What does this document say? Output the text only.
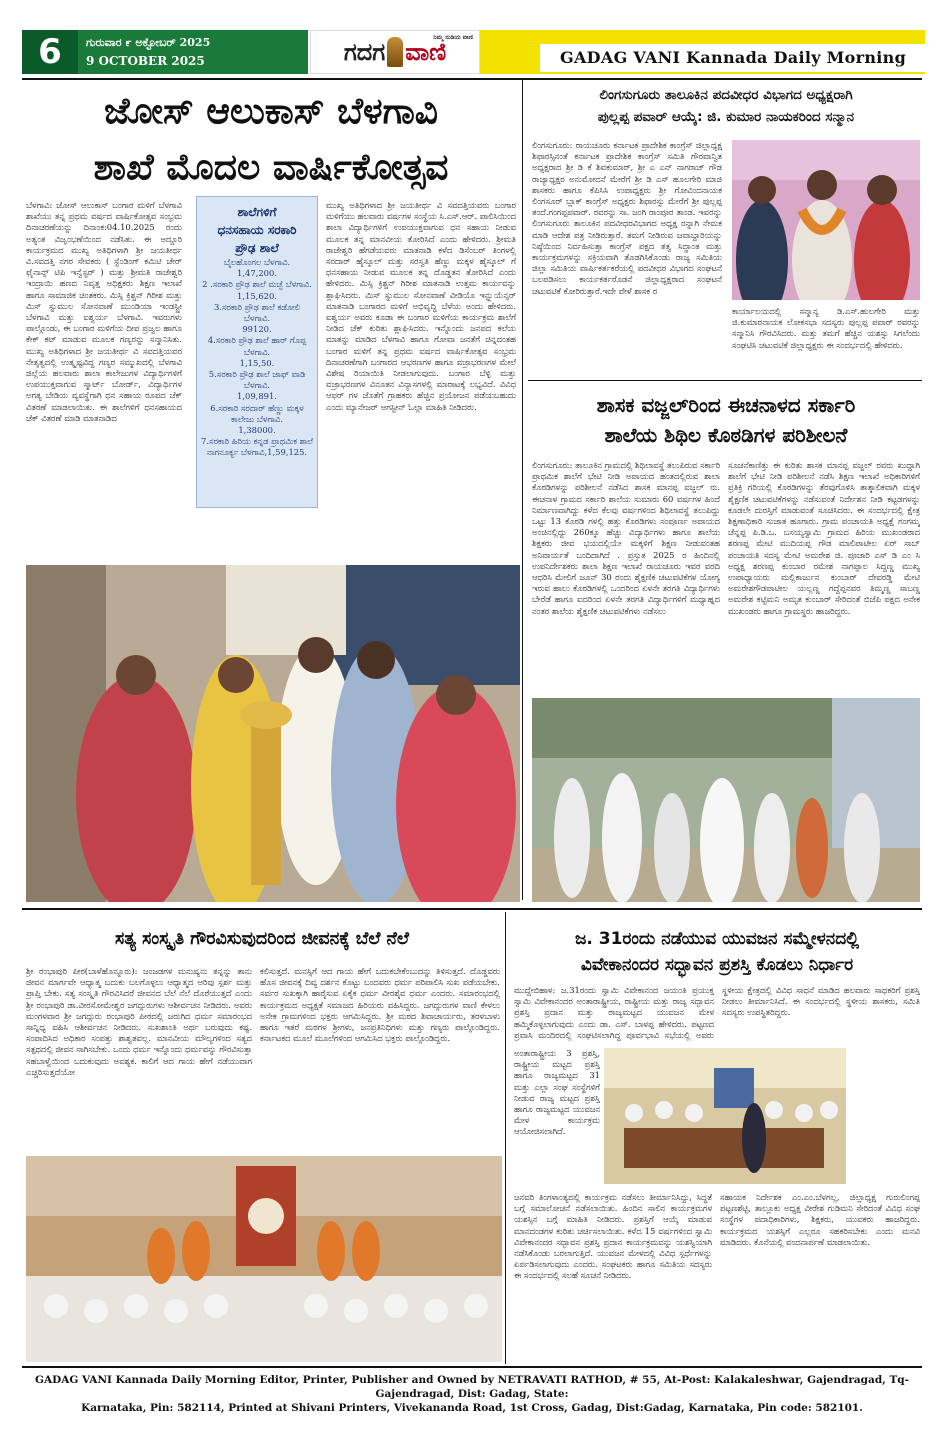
6	ಗುರುವಾರ ೯ ಅಕ್ಟೋಬರ್ 2025
9 OCTOBER 2025	ಗದಗ ವಾಣಿ
ನಿಮ್ಮ ನುಡಿಯ ವಾಣಿ
GADAG VANI Kannada Daily Morning
ಜೋಸ್ ಆಲುಕಾಸ್ ಬೆಳಗಾವಿ
ಶಾಖೆ ಮೊದಲ ವಾರ್ಷಿಕೋತ್ಸವ
ಬೆಳಗಾವಿ: ಜೋಸ್ ಆಲುಕಾಸ್ ಬಂಗಾರ ಮಳಿಗೆ ಬೆಳಗಾವಿ ಶಾಖೆಯು ತನ್ನ ಪ್ರಥಮ ವರ್ಷದ ವಾರ್ಷಿಕೋತ್ಸವ ಸಂಭ್ರಮ ದಿನಾಚರಣೆಯನ್ನು ದಿನಾಂಕ:04.10.2025 ರಂದು ಅತ್ಯಂತ ವಿಜೃಂಭಣೆಯಿಂದ ನಡೆಸಿತು. ಈ ಅದ್ದೂರಿ ಕಾರ್ಯಕ್ರಮದ ಮುಖ್ಯ ಅತಿಥಿಗಳಾಗಿ ಶ್ರೀ ಜಯತೀರ್ಥ ವಿ.ಸವದತ್ತಿ ನಗರ ಸೇವಕರು ( ಸ್ಟೆಂಡಿಂಗ್ ಕಮಿಟಿ ಚೇರ್ ಫೈನಾನ್ಸ್ ಟಿಪಿ ಇನ್ವೆಸ್ಟರ್ ) ಮತ್ತು ಶ್ರೀಮತಿ ರಾಜೇಶ್ವರಿ ಇಂದ್ರಾಯಿ ಹಣದ ನಿವೃತ್ತ ಅಧಿಕ್ಷಕರು ಶಿಕ್ಷಣ ಇಲಾಖೆ ಹಾಗೂ ಸಾಮಾಜಿಕ ಚಿಂತಕರು. ಮಿಸ್ಸಿ ಕ್ರಿಶ್ಚನ್ ಗಿರೀಶ ಮತ್ತು ಮಿಸ್ ಸ್ನುಮುಲ ಸೋನವಾಣೆ ಮುಂಡಿಯಾ ಇಂಡಸ್ಟ್ರೀ ಬೆಳಗಾವಿ ಮತ್ತು ಐಶ್ವರ್ಯ ಬೆಳಗಾವಿ. ಇವರುಗಳು ಪಾಲ್ಗೊಂಡು, ಈ ಬಂಗಾರ ಮಳಿಗೆಯ ದೀಪ ಪ್ರಜ್ವಲ ಹಾಗೂ ಕೇಕ್ ಕಟ್ ಮಾಡುವ ಮೂಲಕ ಗಣ್ಯರನ್ನು ಸನ್ಮಾನಿಸಿತು. ಮುಖ್ಯ ಅತಿಥಿಗಳಾದ ಶ್ರೀ ಜಯತೀರ್ಥ ವಿ ಸವದತ್ತಿಯವರ ನೇತೃತ್ವದಲ್ಲಿ ಉತ್ಕೃಷ್ಟವಿದ್ದ ಗಣ್ಯರ ಸಮ್ಮುಖದಲ್ಲಿ ಬೆಳಗಾವಿ ಜಿಲ್ಲೆಯ ಹಲವಾರು ಶಾಲಾ ಕಾಲೇಜುಗಳ ವಿದ್ಯಾರ್ಥಿಗಳಿಗೆ ಉಪಯುಕ್ತವಾಗುವ ಸ್ಮಾರ್ಟ್ ಬೋರ್ಡ್, ವಿದ್ಯಾರ್ಥಿಗಳ ಅಗತ್ಯ ಬೇಡಿಯ ವ್ಯವಸ್ಥೆಗಾಗಿ ಧನ ಸಹಾಯ ರೂಪದ ಚೆಕ್ ವಿತರಣೆ ಮಾಡಲಾಯಿತು. ಈ ಶಾಲೆಗಳಿಗೆ ಧನಸಹಾಯದ ಚೆಕ್ ವಿತರಣೆ ಮಾಡಿ ಮಾತನಾಡಿದ
ಶಾಲೆಗಳಿಗೆ
ಧನಸಹಾಯ ಸರಕಾರಿ
ಪ್ರೌಢ ಶಾಲೆ
ಬೈಲಹೊಂಗಲ ಬೆಳಗಾವಿ.
1,47,200.
2 .ಸರಕಾರಿ ಪ್ರೌಢ ಶಾಲೆ ಮಚ್ಛೆ ಬೆಳಗಾವಿ.
1,15,620.
3.ಸರಕಾರಿ ಪ್ರೌಢ ಶಾಲೆ ಕಡೋಲಿ ಬೆಳಗಾವಿ.
99120.
4.ಸರಕಾರಿ ಪ್ರೌಢ ಶಾಲೆ ಹಾರ್ ಗೊಪ್ಪ ಬೆಳಗಾವಿ.
1,15,50.
5.ಸರಕಾರಿ ಪ್ರೌಢ ಶಾಲೆ ಜಾಫ್ ವಾಡಿ ಬೆಳಗಾವಿ.
1,09,891.
6.ಸರಕಾರಿ ಸರದಾರ್ ಹೆಣ್ಣು ಮಕ್ಕಳ ಕಾಲೇಜು ಬೆಳಗಾವಿ.
1,38000.
7.ಸರಕಾರಿ ಹಿರಿಯ ಕನ್ನಡ ಪ್ರಾಥಮಿಕ ಶಾಲೆ ನಾಗನೂರ್ಕ್ಯ ಬೆಳಗಾವಿ,1,59,125.
ಮುಖ್ಯ ಅತಿಥಿಗಳಾದ ಶ್ರೀ ಜಯತೀರ್ಥ ವಿ ಸವದತ್ತಿಯವರು ಬಂಗಾರ ಮಳಿಗೆಯು ಹಲವಾರು ವರ್ಷಗಳ ಸಂಸ್ಥೆಯ ಸಿ.ಎಸ್.ಆರ್. ಪಾಲಿಸಿಯಿಂದ ಶಾಲಾ ವಿದ್ಯಾರ್ಥಿಗಳಿಗೆ ಉಪಯುಕ್ತವಾಗುವ ಧನ ಸಹಾಯ ನೀಡುವ ಮೂಲಕ ತನ್ನ ಮಾನವೀಯ ತೋರಿಸಿದೆ ಎಂದು ಹೇಳಿದರು. ಶ್ರೀಮತಿ ರಾಜೇಶ್ವರಿ ಹೆಗಡೆಯವರು ಮಾತನಾಡಿ ಕಳೆದ ಡಿಸೆಂಬರ್ ತಿಂಗಳಲ್ಲಿ ಸರದಾರ್ ಹೈಸ್ಕೂಲ್ ಮತ್ತು ಸರಸ್ವತಿ ಹೆಣ್ಣು ಮಕ್ಕಳ ಹೈಸ್ಕೂಲ್ ಗೆ ಧನಸಹಾಯ ನೀಡುವ ಮೂಲಕ ತನ್ನ ದೊಡ್ಡತನ ತೋರಿಸಿದೆ ಎಂದು ಹೇಳಿದರು. ಮಿಸ್ಸಿ ಕ್ರಿಶ್ಚನ್ ಗಿರೀಶ ಮಾತನಾಡಿ ಉತ್ತಮ ಕಾರ್ಯವನ್ನು ಶ್ಲಾಘಿಸಿದರು. ಮಿಸ್ ಸ್ನುಮುಲ ಸೋನವಾಣೆ ವೀಡಿಯೊ ಇನ್ಫ್ಲುಯೆನ್ಸರ್ ಮಾತನಾಡಿ ಬಂಗಾರದ ಮಳಿಗೆ ಅಭಿವೃದ್ಧಿ ಬೆಳೆಯ ಅಂದು ಹೇಳಿದರು. ಐಶ್ವರ್ಯ ಅವರು ಕೂಡಾ ಈ ಬಂಗಾರ ಮಳಿಗೆಯ ಕಾರ್ಯಕ್ರಮ ಶಾಲೆಗೆ ನೀಡಿದ ಚೆಕ್ ಕುರಿತು ಶ್ಲಾಘಿಸಿದರು. ಇನ್ನೊಂದು ಜನಪದ ಕಲೆಯ ಮಾತನ್ನು ಮಾಡಿದ ಬೆಳಗಾವಿ ಹಾಗೂ ಗೋವಾ ಜನತೆಗೆ ಚಿನ್ನದಂತಹ ಬಂಗಾರ ಮಳಿಗೆ ತನ್ನ ಪ್ರಥಮ ವರ್ಷದ ವಾರ್ಷಿಕೋತ್ಸವ ಸಂಭ್ರಮ ದಿನಾಚರಣೆಗಾಗಿ ಬಂಗಾರದ ಆಭರಣಗಳ ಹಾಗೂ ವಜ್ರಾಭರಣಗಳ ಮೇಲೆ ವಿಶೇಷ ರಿಯಾಯಿತಿ ನೀಡಲಾಗುವುದು. ಬಂಗಾರ ಬೆಳ್ಳಿ ಮತ್ತು ವಜ್ರಾಭರಣಗಳ ವಿನೂತನ ವಿನ್ಯಾಸಗಳಲ್ಲಿ ಮಾರಾಟಕ್ಕೆ ಲಭ್ಯವಿದೆ. ವಿವಿಧ ಆಫರ್ ಗಳ ಜೊತೆಗೆ ಗ್ರಾಹಕರು ಹೆಚ್ಚಿನ ಪ್ರಯೋಜನ ಪಡೆಯಬಹುದು ಎಂದು ಮ್ಯಾನೇಜರ್ ಆಗಸ್ಟೀನ್ ಓಲ್ಗಾ ಮಾಹಿತಿ ನೀಡಿದರು.
ಲಿಂಗಸುಗೂರು ತಾಲೂಕಿನ ಪದವೀಧರ ವಿಭಾಗದ ಅಧ್ಯಕ್ಷರಾಗಿ
ಪುಲ್ಲಪ್ಪ ಪವಾರ್ ಆಯ್ಕೆ: ಜಿ. ಕುಮಾರ ನಾಯಕರಿಂದ ಸನ್ಮಾನ
ಲಿಂಗಸುಗೂರು: ರಾಯಚೂರು ಕರ್ನಾಟಕ ಪ್ರಾದೇಶಿಕ ಕಾಂಗ್ರೆಸ್ ಜಿಲ್ಲಾಧ್ಯಕ್ಷ ಶಿಫಾರಸ್ಸಿನಂತೆ ಕರ್ನಾಟಕ ಪ್ರಾದೇಶಿಕ ಕಾಂಗ್ರೆಸ್ ಸಮಿತಿ ಗೌರವಾನ್ವಿತ ಅಧ್ಯಕ್ಷರಾದ ಶ್ರೀ ಡಿ ಕೆ ಶಿವಕುಮಾರ್, ಶ್ರೀ ಎ ಎನ್ ನಾಗರಾಜ್ ಗೌಡ ರಾಜ್ಯಾಧ್ಯಕ್ಷರ ಅನುಮೋದನೆ ಮೇರೆಗೆ ಶ್ರೀ ಡಿ ಎಸ್ ಹೂಲಗೇರಿ ಮಾಜಿ ಶಾಸಕರು ಹಾಗೂ ಕೆಪಿಸಿಸಿ ಉಪಾಧ್ಯಕ್ಷರು ಶ್ರೀ ಗೋವಿಂದನಾಯಕ ಲಿಂಗಸೂರ್ ಬ್ಲಾಕ್ ಕಾಂಗ್ರೆಸ್ ಅಧ್ಯಕ್ಷರು ಶಿಫಾರಸ್ಸು ಮೇರೆಗೆ ಶ್ರೀ ಪುಲ್ಲಪ್ಪ ತಂದೆ.ಗಂಗಪ್ಪಪವಾರ್. ರವರನ್ನು ಸಾ. ಜಂಗಿ ರಾಂಪೂರ ತಾಂಡ. ಇವರನ್ನು ಲಿಂಗಸುಗೂರು ತಾಲೂಕಿನ ಪದವೀಧರವಿಭಾಗದ ಅಧ್ಯಕ್ಷ ರನ್ನಾಗಿ ನೇಮಕ ಮಾಡಿ ಆದೇಶ ಪತ್ರ ನೀಡಿರುತ್ತಾರೆ. ತಮಗೆ ನೀಡಿರುವ ಜವಾಬ್ದಾರಿಯನ್ನು ನಿಷ್ಠೆಯಿಂದ ನಿರ್ವಹಿಸುತ್ತಾ ಕಾಂಗ್ರೆಸ್ ಪಕ್ಷದ ತತ್ವ ಸಿದ್ಧಾಂತ ಮತ್ತು ಕಾರ್ಯಕ್ರಮಗಳನ್ನು ಸಕ್ರಿಯವಾಗಿ ತೊಡಗಿಸಿಕೊಂಡು ರಾಜ್ಯ ಸಮಿತಿಯ ಜಿಲ್ಲಾ ಸಮಿತಿಯ ವಾರ್ಷಿಕರ್ತಕರೆಯಲ್ಲಿ ಪದವೀಧರ ವಿಭಾಗದ ಸಂಘಟನೆ ಬಲಪಡಿಸಲು ಕಾರ್ಯಕರ್ತರೊಡನೆ ಜಿಲ್ಲಾಧ್ಯಕ್ಷರಾದ ಸಂಘಟನೆ ಚಟುವಟಿಕೆ ಕೋರಿರುತ್ತಾರೆ.ಇದೇ ವೇಳೆ ಶಾಸಕ ರ
ಕಾರ್ಯಾಲಯದಲ್ಲಿ ಸನ್ಮಾನ್ಯ ಡಿ.ಎಸ್.ಹುಲಗೇರಿ ಮತ್ತು ಜಿ.ಕುಮಾರನಾಯಕ ಲೋಕಸಭಾ ಸದಸ್ಯರು ಪುಲ್ಲಪ್ಪ ಪವಾರ್ ರವರನ್ನು ಸನ್ಮಾನಿಸಿ ಗೌರವಿಸಿದರು. ಮತ್ತು ತಮಗೆ ಹೆಚ್ಚಿನ ಯಶಸ್ಸು ಸಿಗಲೆಂದು ಸಂಘಟಿಸಿ ಚಟುವಟಿಕೆ ಜಿಲ್ಲಾಧ್ಯಕ್ಷರು ಈ ಸಂದರ್ಭದಲ್ಲಿ ಹೇಳಿದರು.
ಶಾಸಕ ವಜ್ಜಲ್‌ರಿಂದ ಈಚನಾಳದ ಸರ್ಕಾರಿ
ಶಾಲೆಯ ಶಿಥಿಲ ಕೊಠಡಿಗಳ ಪರಿಶೀಲನೆ
ಲಿಂಗಸುಗೂರು: ತಾಲೂಕಿನ ಗ್ರಾಮದಲ್ಲಿ ಶಿಥಿಲಾವಸ್ಥೆ ತಲುಪಿರುವ ಸರ್ಕಾರಿ ಪ್ರಾಥಮಿಕ ಶಾಲೆಗೆ ಭೇಟಿ ನೀಡಿ ಅಪಾಯದ ಹಂತದಲ್ಲಿರುವ ಶಾಲಾ ಕೊಠಡಿಗಳನ್ನು ಪರಿಶೀಲನೆ ನಡೆಸಿದ ಶಾಸಕ ಮಾನಪ್ಪ ವಜ್ಜಲ್ ರು. ಈಚನಾಳ ಗ್ರಾಮದ ಸರ್ಕಾರಿ ಶಾಲೆಯ ಸುಮಾರು 60 ವರ್ಷಗಳ ಹಿಂದೆ ನಿರ್ಮಾಣವಾಗಿದ್ದು ಕಳೆದ ಕೆಲವು ವರ್ಷಗಳಿಂದ ಶಿಥಿಲಾವಸ್ಥೆ ತಲುಪಿದ್ದು ಒಟ್ಟು 13 ಕೊಠಡಿ ಗಳಲ್ಲಿ ಹತ್ತು ಕೊಠಡಿಗಳು ಸಂಪೂರ್ಣ ಅಪಾಯದ ಅಂಚಿನಲ್ಲಿದ್ದು 260ಕ್ಕೂ ಹೆಚ್ಚು ವಿದ್ಯಾರ್ಥಿಗಳು ಹಾಗೂ ಶಾಲೆಯ ಶಿಕ್ಷಕರು ಜೀವ ಭಯದಲ್ಲಿಯೇ ಮಕ್ಕಳಿಗೆ ಶಿಕ್ಷಣ ನೀಡುವಂತಹ ಅನಿವಾರ್ಯತೆ ಬಂದಿದಾಗಿದೆ . ಪ್ರಸ್ತುತ 2025 ರ ಹಿಂದಿನಲ್ಲಿ ಉಪನಿರ್ದೇಶಕರು ಶಾಲಾ ಶಿಕ್ಷಣ ಇಲಾಖೆ ರಾಯಚೂರು ಇವರ ವರದಿ ಆಧರಿಸಿ ಮೇಲಿಗೆ ಜೂನ್ 30 ರಂದು ಶೈಕ್ಷಣಿಕ ಚಟುವಟಿಕೆಗಳ ಯೋಗ್ಯ ಇರುವ ಹಾಲು ಕೊಠಡಿಗಳಲ್ಲಿ ಒಂದರಿಂದ ಏಳನೇ ತರಗತಿ ವಿದ್ಯಾರ್ಥಿಗಳು ಬೇರೆಡೆ ಹಾಗೂ ಐದರಿಂದ ಏಳನೇ ತರಗತಿ ವಿದ್ಯಾರ್ಥಿಗಳಿಗೆ ಮಧ್ಯಾಹ್ನದ ನಂತರ ಶಾಲೆಯ ಶೈಕ್ಷಣಿಕ ಚಟುವಟಿಕೆಗಳು ನಡೆಸಲು
ಸೂಚನೆಕಾಣಿತ್ತು ಈ ಕುರಿತು ಶಾಸಕ ಮಾನಪ್ಪ ವಜ್ಜಲ್ ರವರು ಖುದ್ದಾಗಿ ಶಾಲೆಗೆ ಭೇಟಿ ನೀಡಿ ಪರಿಶೀಲನೆ ನಡೆಸಿ ಶಿಕ್ಷಣ ಇಲಾಖೆ ಅಧಿಕಾರಿಗಳಿಗೆ ಪ್ರತಿಕ್ರಿ ಗರಿಯಲ್ಲಿ ಕೊಠಡಿಗಳನ್ನು ತೆರವುಗೊಳಿಸಿ ತಾತ್ಕಾಲಿಕವಾಗಿ ಮಕ್ಕಳ ಶೈಕ್ಷಣಿಕ ಚಟುವಟಿಕೆಗಳನ್ನು ನಡೆಸುವಂತೆ ನಿರ್ದೇಶನ ನೀಡಿ ಕಟ್ಟಡಗಳನ್ನು ಕೂಡಲೇ ದುರಸ್ತಿಗೆ ಮಾಡುವಂತೆ ಸೂಚಿಸಿದರು. ಈ ಸಂದರ್ಭದಲ್ಲಿ ಕ್ಷೇತ್ರ ಶಿಕ್ಷಣಾಧಿಕಾರಿ ಸುಜಾತ ಹೂಗಾರು. ಗ್ರಾಮ ಪಂಚಾಯತಿ ಅಧ್ಯಕ್ಷೆ ಗಂಗಮ್ಮ ಚೆನ್ನಪ್ಪ ಪಿ.ಡಿ.ಒ. ಬಸಯ್ಯಸ್ವಾಮಿ ಗ್ರಾಮದ ಹಿರಿಯ ಮುಖಂಡರಾದ ಶರಣಪ್ಪ ಮೇಟಿ ಮುದಿಯಪ್ಪ ಗೌಡ ಮಾಲಿಪಾಟೀಲ ಏರ್ ಸಾಬ್ ಪಂಚಾಯತಿ ಸದಸ್ಯ ಮೇಟಿ ಅಮರೇಶ ಜಿ. ಪೂಜಾರಿ ಎಸ್ ಡಿ ಎಂ ಸಿ ಅಧ್ಯಕ್ಷ ಶರಣಪ್ಪ ಕುಂಬಾರ ರಮೇಶ ನಾಗಪ್ಪಾಲ ಸಿದ್ದಣ್ಣ ಮುಖ್ಯ ಉಪಾಧ್ಯಾಯರು ಮಲ್ಲಿಕಾರ್ಜುನ ಕುಂಬಾರ್ ದೇವರಡ್ಡಿ ಮೇಟಿ ಅಮರೇಶಗೌಡಪಾಟೀಲ ಯಲ್ಲಣ್ಣ ಗದ್ದೆಪ್ಪನವರ ತಿಮ್ಮಣ್ಣ ಸಾಬಣ್ಣ ಅಮರೇಶ ಕಟ್ಟಿಮನಿ ಅಮೃತ ಕುಂಬಾರ್ ಸೇರಿದಂತೆ ಬಿಜೆಪಿ ಪಕ್ಷದ ಅನೇಕ ಮುಖಂಡರು ಹಾಗೂ ಗ್ರಾಮಸ್ಥರು ಹಾಜರಿದ್ದರು.
ಸತ್ಯ ಸಂಸ್ಕೃತಿ ಗೌರವಿಸುವುದರಿಂದ ಜೀವನಕ್ಕೆ ಬೆಲೆ ನೆಲೆ
ಶ್ರೀ ರಂಭಾಪುರಿ ಪೀಠ(ಬಾಳೆಹೊನ್ನೂರು): ಜಂಜಡಗಳ ಮನುಷ್ಯನು ತನ್ನನ್ನು ತಾನು ಜೀವನ ಮಾರ್ಗವೇ ಆಧ್ಯಾತ್ಮ ಬದುಕು ಬಲಗೊಳ್ಳಲು ಆಧ್ಯಾತ್ಮದ ಅರಿವು ಸ್ಪರ್ಶ ಮತ್ತು ಪ್ರಾಪ್ತಿ ಬೇಕು. ಸತ್ಯ ಸಂಸ್ಕೃತಿ ಗೌರವಿಸಿದರೆ ಜೀವನದ ಬೆಲೆ ನೆಲೆ ದೊರೆಯುತ್ತದೆ ಎಂದು ಶ್ರೀ ರಂಭಾಪುರಿ ಡಾ.ವೀರಸೋಮೇಶ್ವರ ಜಗದ್ಗುರುಗಳು ಆಶೀರ್ವಚನ ನೀಡಿದರು. ಅವರು ಮಂಗಳವಾರ ಶ್ರೀ ಜಗದ್ಗುರು ರಂಭಾಪುರಿ ಪೀಠದಲ್ಲಿ ಜರುಗಿದ ಧರ್ಮ ಸಮಾರಂಭದ ಸಾನ್ನಿಧ್ಯ ವಹಿಸಿ ಆಶೀರ್ವಚನ ನೀಡಿದರು. ಸುಖಶಾಂತಿ ಅರ್ಥ ಬರುವುದು ಕಷ್ಟ. ಸಂಪಾದಿಸಿದ ಅಧಿಕಾರ ಸಂಪತ್ತು ಶಾಶ್ವತವಲ್ಲ. ಮಾನವೀಯ ಮೌಲ್ಯಗಳಿಂದ ಸತ್ಯದ ಸತ್ಪಥದಲ್ಲಿ ಜೀವನ ಸಾಗಿಸಬೇಕು. ಒಂದು ಧರ್ಮ ಇನ್ನೊಂದು ಧರ್ಮವನ್ನು ಗೌರವಿಸುತ್ತಾ ಸಹಬಾಳ್ವೆಯಿಂದ ಬದುಕುವುದು ಅವಶ್ಯಕ. ಕಾಲಿಗೆ ಆದ ಗಾಯ ಹೇಗೆ ನಡೆಯುವಾಗ ಎಚ್ಚರಿಸುತ್ತದೆಯೋ
ಕಲಿಸುತ್ತದೆ. ಮನಸ್ಸಿಗೆ ಆದ ಗಾಯ ಹೇಗೆ ಬದುಕಬೇಕೆಂಬುದನ್ನು ತಿಳಿಸುತ್ತದೆ. ದೊಡ್ಡವರು ಹೊಸ ಜೀವನಕ್ಕೆ ದಿವ್ಯ ದರ್ಶನ ಕೊಟ್ಟು ಬಂದವರು ಧರ್ಮ ಪರಿಪಾಲಿಸಿ ಸುಖ ಪಡೆಯಬೇಕು. ಸರ್ವರ ಸುಖಕ್ಕಾಗಿ ಹಾರೈಸುವ ಏಕೈಕ ಧರ್ಮ ವೀರಶೈವ ಧರ್ಮ ಎಂದರು. ಸಮಾರಂಭದಲ್ಲಿ ಕಾರ್ಯಕ್ರಮದ ಅಧ್ಯಕ್ಷತೆ ಸಮಾಜದ ಹಿರಿಯರು ವಹಿಸಿದ್ದರು. ಜಗದ್ಗುರುಗಳ ವಾಣಿ ಕೇಳಲು ಅನೇಕ ಗ್ರಾಮಗಳಿಂದ ಭಕ್ತರು ಆಗಮಿಸಿದ್ದರು. ಶ್ರೀ ಮಠದ ಶಿವಾಚಾರ್ಯರು, ತರಳಬಾಳು ಹಾಗೂ ಇತರೆ ಮಠಗಳ ಶ್ರೀಗಳು, ಜನಪ್ರತಿನಿಧಿಗಳು ಮತ್ತು ಗಣ್ಯರು ಪಾಲ್ಗೊಂಡಿದ್ದರು. ಕರ್ನಾಟಕದ ಮೂಲೆ ಮೂಲೆಗಳಿಂದ ಆಗಮಿಸಿದ ಭಕ್ತರು ಪಾಲ್ಗೊಂಡಿದ್ದರು.
ಜ. 31ರಂದು ನಡೆಯುವ ಯುವಜನ ಸಮ್ಮೇಳನದಲ್ಲಿ
ವಿವೇಕಾನಂದರ ಸದ್ಭಾವನ ಪ್ರಶಸ್ತಿ ಕೊಡಲು ನಿರ್ಧಾರ
ಮುದ್ದೇಬಿಹಾಳ: ಜ.31ರಂದು ಸ್ವಾಮಿ ವಿವೇಕಾನಂದ ಜಯಂತಿ ಪ್ರಯುಕ್ತ ಸ್ವಾಮಿ ವಿವೇಕಾನಂದರ ಅಂತಾರಾಷ್ಟ್ರೀಯ, ರಾಷ್ಟ್ರೀಯ ಮತ್ತು ರಾಜ್ಯ ಸದ್ಭಾವನ ಪ್ರಶಸ್ತಿ ಪ್ರದಾನ ಮತ್ತು ರಾಜ್ಯಮಟ್ಟದ ಯುವಜನ ಮೇಳ ಹಮ್ಮಿಕೊಳ್ಳಲಾಗುವುದು ಎಂದು ಡಾ. ಎಸ್. ಬಾಳಪ್ಪ ಹೇಳಿದರು. ಪಟ್ಟಣದ ಪ್ರವಾಸಿ ಮಂದಿರದಲ್ಲಿ ಸಂಘಟಿಸಲಾಗಿದ್ದ ಪೂರ್ವಭಾವಿ ಸಭೆಯಲ್ಲಿ ಅವರು
ಸ್ಥಳೀಯ ಕ್ಷೇತ್ರದಲ್ಲಿ ವಿವಿಧ ಸಾಧನೆ ಮಾಡಿದ ಹಲವಾರು ಸಾಧಕರಿಗೆ ಪ್ರಶಸ್ತಿ ನೀಡಲು ತೀರ್ಮಾನಿಸಿದೆ. ಈ ಸಂದರ್ಭದಲ್ಲಿ ಸ್ಥಳೀಯ ಶಾಸಕರು, ಸಮಿತಿ ಸದಸ್ಯರು ಉಪಸ್ಥಿತರಿದ್ದರು.
ಅಂತಾರಾಷ್ಟ್ರೀಯ 3 ಪ್ರಶಸ್ತಿ, ರಾಷ್ಟ್ರೀಯ ಮಟ್ಟದ ಪ್ರಶಸ್ತಿ ಹಾಗೂ ರಾಜ್ಯಮಟ್ಟದ 31 ಮತ್ತು ಎಲ್ಲಾ ಸಂಘ ಸಂಸ್ಥೆಗಳಿಗೆ ನೀಡುವ ರಾಜ್ಯ ಮಟ್ಟದ ಪ್ರಶಸ್ತಿ ಹಾಗೂ ರಾಜ್ಯಮಟ್ಟದ ಯುವಜನ ಮೇಳ ಕಾರ್ಯಕ್ರಮ ಆಯೋಜಿಸಲಾಗಿದೆ.
ಜನವರಿ ತಿಂಗಳಾಂತ್ಯದಲ್ಲಿ ಕಾರ್ಯಕ್ರಮ ನಡೆಸಲು ತೀರ್ಮಾನಿಸಿದ್ದು, ಸಿದ್ಧತೆ ಬಗ್ಗೆ ಸಮಾಲೋಚನೆ ನಡೆಸಲಾಯಿತು. ಹಿಂದಿನ ಸಾಲಿನ ಕಾರ್ಯಕ್ರಮಗಳ ಯಶಸ್ಸಿನ ಬಗ್ಗೆ ಮಾಹಿತಿ ನೀಡಿದರು. ಪ್ರಶಸ್ತಿಗೆ ಆಯ್ಕೆ ಮಾಡುವ ಮಾನದಂಡಗಳ ಕುರಿತು ಚರ್ಚಿಸಲಾಯಿತು. ಕಳೆದ 15 ವರ್ಷಗಳಿಂದ ಸ್ವಾಮಿ ವಿವೇಕಾನಂದರ ಸದ್ಭಾವನ ಪ್ರಶಸ್ತಿ ಪ್ರದಾನ ಕಾರ್ಯಕ್ರಮವನ್ನು ಯಶಸ್ವಿಯಾಗಿ ನಡೆಸಿಕೊಂಡು ಬರಲಾಗುತ್ತಿದೆ. ಯುವಜನ ಮೇಳದಲ್ಲಿ ವಿವಿಧ ಸ್ಪರ್ಧೆಗಳನ್ನು ಏರ್ಪಡಿಸಲಾಗುವುದು ಎಂದರು. ಸಂಘಟಕರು ಹಾಗೂ ಸಮಿತಿಯ ಸದಸ್ಯರು ಈ ಸಂದರ್ಭದಲ್ಲಿ ಸಲಹೆ ಸೂಚನೆ ನೀಡಿದರು.
ಸಹಾಯಕ ನಿರ್ದೇಶಕ ಎಂ.ಎಂ.ಬೆಳಗಲ್ಲ, ಜಿಲ್ಲಾಧ್ಯಕ್ಷ ಗುರುಲಿಂಗಪ್ಪ ಪಟ್ಟಣಶೆಟ್ಟಿ, ತಾಲ್ಲೂಕು ಅಧ್ಯಕ್ಷ ವೀರೇಶ ಗುಡಿಮನಿ ಸೇರಿದಂತೆ ವಿವಿಧ ಸಂಘ ಸಂಸ್ಥೆಗಳ ಪದಾಧಿಕಾರಿಗಳು, ಶಿಕ್ಷಕರು, ಯುವಕರು ಹಾಜರಿದ್ದರು. ಕಾರ್ಯಕ್ರಮದ ಯಶಸ್ಸಿಗೆ ಎಲ್ಲರೂ ಸಹಕರಿಸಬೇಕು ಎಂದು ಮನವಿ ಮಾಡಿದರು. ಕೊನೆಯಲ್ಲಿ ವಂದನಾರ್ಪಣೆ ಮಾಡಲಾಯಿತು.
GADAG VANI Kannada Daily Morning Editor, Printer, Publisher and Owned by NETRAVATI RATHOD, # 55, At-Post: Kalakaleshwar, Gajendragad, Tq-Gajendragad, Dist: Gadag, State:
Karnataka, Pin: 582114, Printed at Shivani Printers, Vivekananda Road, 1st Cross, Gadag, Dist:Gadag, Karnataka, Pin code: 582101.
